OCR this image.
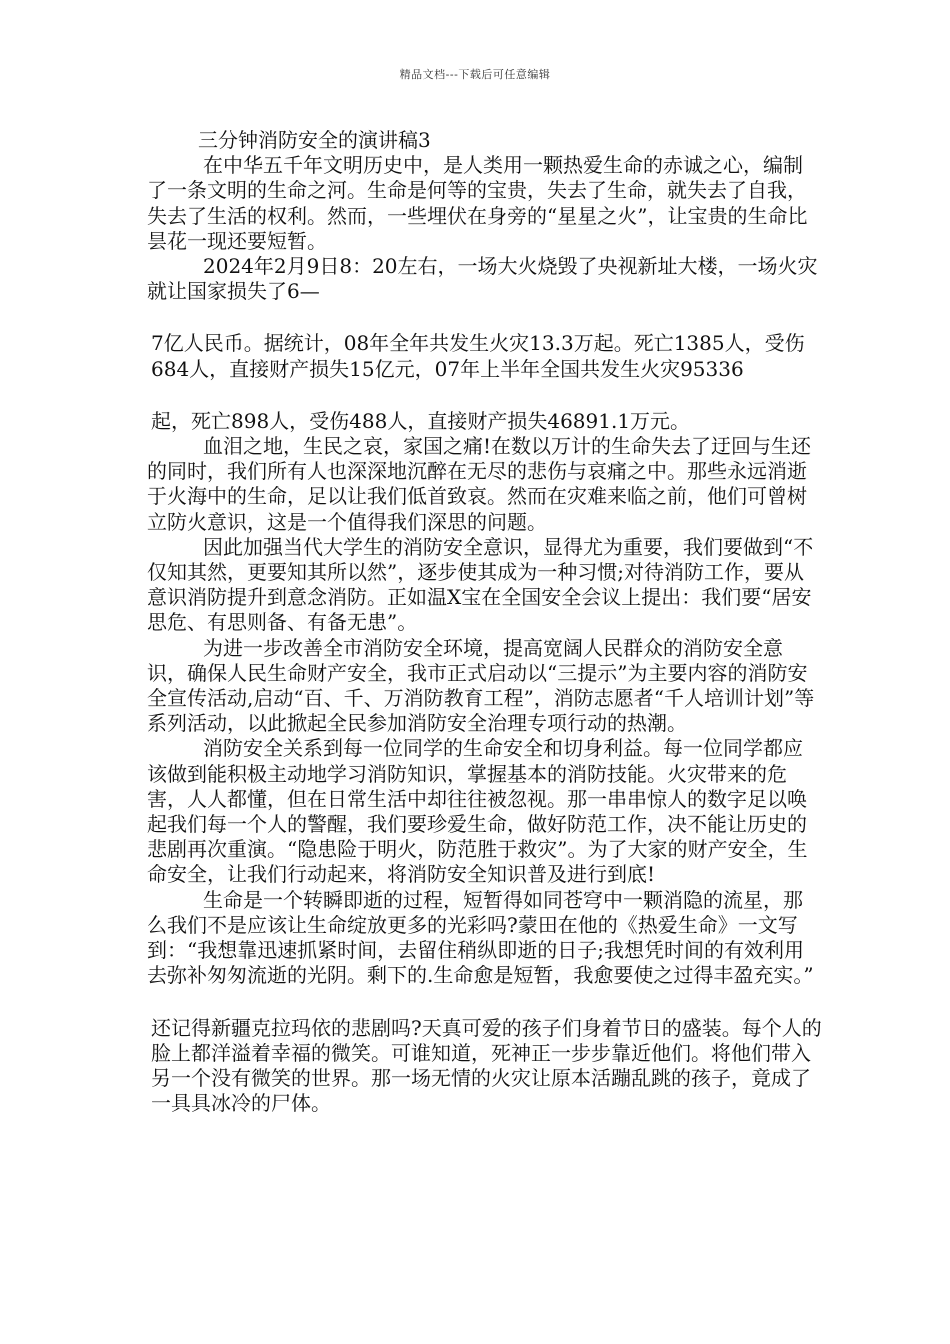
精品文档---下载后可任意编辑

三分钟消防安全的演讲稿3

在中华五千年文明历史中，是人类用一颗热爱生命的赤诚之心，编制了一条文明的生命之河。生命是何等的宝贵，失去了生命，就失去了自我，失去了生活的权利。然而，一些埋伏在身旁的“星星之火”，让宝贵的生命比昙花一现还要短暂。

2024年2月9日8：20左右，一场大火烧毁了央视新址大楼，一场火灾就让国家损失了6—

7亿人民币。据统计，08年全年共发生火灾13.3万起。死亡1385人，受伤684人，直接财产损失15亿元，07年上半年全国共发生火灾95336

起，死亡898人，受伤488人，直接财产损失46891.1万元。

血泪之地，生民之哀，家国之痛!在数以万计的生命失去了迂回与生还的同时，我们所有人也深深地沉醉在无尽的悲伤与哀痛之中。那些永远消逝于火海中的生命，足以让我们低首致哀。然而在灾难来临之前，他们可曾树立防火意识，这是一个值得我们深思的问题。

因此加强当代大学生的消防安全意识，显得尤为重要，我们要做到“不仅知其然，更要知其所以然”，逐步使其成为一种习惯;对待消防工作，要从意识消防提升到意念消防。正如温X宝在全国安全会议上提出：我们要“居安思危、有思则备、有备无患”。

为进一步改善全市消防安全环境，提高宽阔人民群众的消防安全意识，确保人民生命财产安全，我市正式启动以“三提示”为主要内容的消防安全宣传活动,启动“百、千、万消防教育工程”，消防志愿者“千人培训计划”等系列活动，以此掀起全民参加消防安全治理专项行动的热潮。

消防安全关系到每一位同学的生命安全和切身利益。每一位同学都应该做到能积极主动地学习消防知识，掌握基本的消防技能。火灾带来的危害，人人都懂，但在日常生活中却往往被忽视。那一串串惊人的数字足以唤起我们每一个人的警醒，我们要珍爱生命，做好防范工作，决不能让历史的悲剧再次重演。“隐患险于明火，防范胜于救灾”。为了大家的财产安全，生命安全，让我们行动起来，将消防安全知识普及进行到底!

生命是一个转瞬即逝的过程，短暂得如同苍穹中一颗消隐的流星，那么我们不是应该让生命绽放更多的光彩吗?蒙田在他的《热爱生命》一文写到：“我想靠迅速抓紧时间，去留住稍纵即逝的日子;我想凭时间的有效利用去弥补匆匆流逝的光阴。剩下的.生命愈是短暂，我愈要使之过得丰盈充实。”

还记得新疆克拉玛依的悲剧吗?天真可爱的孩子们身着节日的盛装。每个人的脸上都洋溢着幸福的微笑。可谁知道，死神正一步步靠近他们。将他们带入另一个没有微笑的世界。那一场无情的火灾让原本活蹦乱跳的孩子，竟成了一具具冰冷的尸体。
